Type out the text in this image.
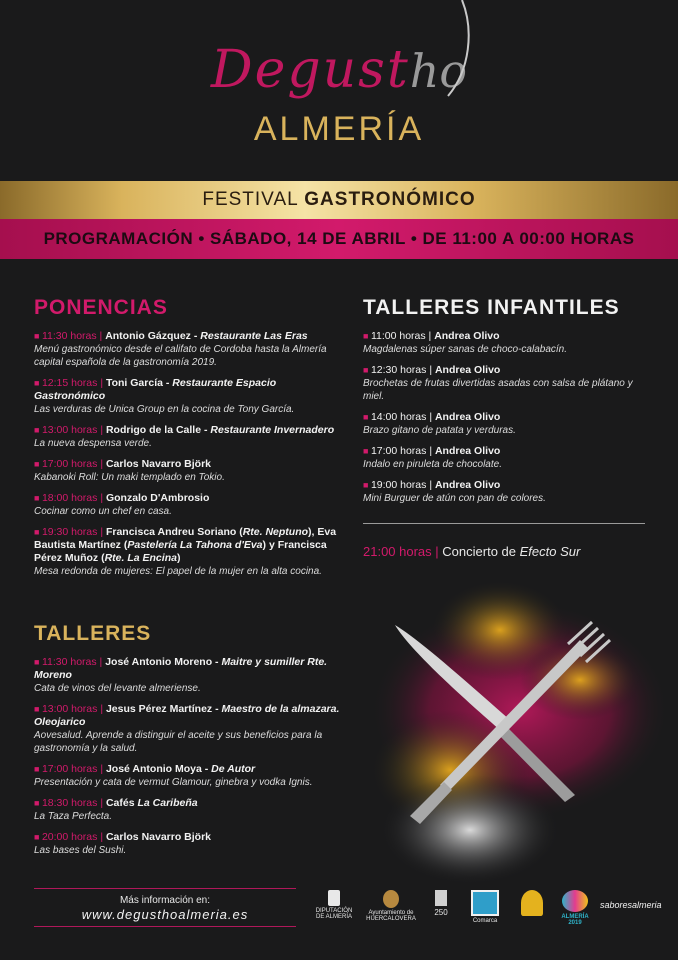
Degustho
ALMERÍA
FESTIVAL GASTRONÓMICO
PROGRAMACIÓN • SÁBADO, 14 DE ABRIL • DE 11:00 A 00:00 HORAS
PONENCIAS
■ 11:30 horas | Antonio Gázquez - Restaurante Las Eras
Menú gastronómico desde el califato de Cordoba hasta la Almería capital española de la gastronomía 2019.
■ 12:15 horas | Toni García - Restaurante Espacio Gastronómico
Las verduras de Unica Group en la cocina de Tony García.
■ 13:00 horas | Rodrigo de la Calle - Restaurante Invernadero
La nueva despensa verde.
■ 17:00 horas | Carlos Navarro Björk
Kabanoki Roll: Un maki templado en Tokio.
■ 18:00 horas | Gonzalo D'Ambrosio
Cocinar como un chef en casa.
■ 19:30 horas | Francisca Andreu Soriano (Rte. Neptuno), Eva Bautista Martínez (Pastelería La Tahona d'Eva) y Francisca Pérez Muñoz (Rte. La Encina)
Mesa redonda de mujeres: El papel de la mujer en la alta cocina.
TALLERES
■ 11:30 horas | José Antonio Moreno - Maitre y sumiller Rte. Moreno
Cata de vinos del levante almeriense.
■ 13:00 horas | Jesus Pérez Martínez - Maestro de la almazara. Oleojarico
Aovesalud. Aprende a distinguir el aceite y sus beneficios para la gastronomía y la salud.
■ 17:00 horas | José Antonio Moya - De Autor
Presentación y cata de vermut Glamour, ginebra y vodka Ignis.
■ 18:30 horas | Cafés La Caribeña
La Taza Perfecta.
■ 20:00 horas | Carlos Navarro Björk
Las bases del Sushi.
TALLERES INFANTILES
■ 11:00 horas | Andrea Olivo
Magdalenas súper sanas de choco-calabacín.
■ 12:30 horas | Andrea Olivo
Brochetas de frutas divertidas asadas con salsa de plátano y miel.
■ 14:00 horas | Andrea Olivo
Brazo gitano de patata y verduras.
■ 17:00 horas | Andrea Olivo
Indalo en piruleta de chocolate.
■ 19:00 horas | Andrea Olivo
Mini Burguer de atún con pan de colores.
21:00 horas | Concierto de Efecto Sur
Más información en:
www.degusthoalmeria.es	DIPUTACIÓN DE ALMERÍA
Ayuntamiento de HUERCALOVERA
250
Comarca
ALMERÍA 2019
saboresalmeria
